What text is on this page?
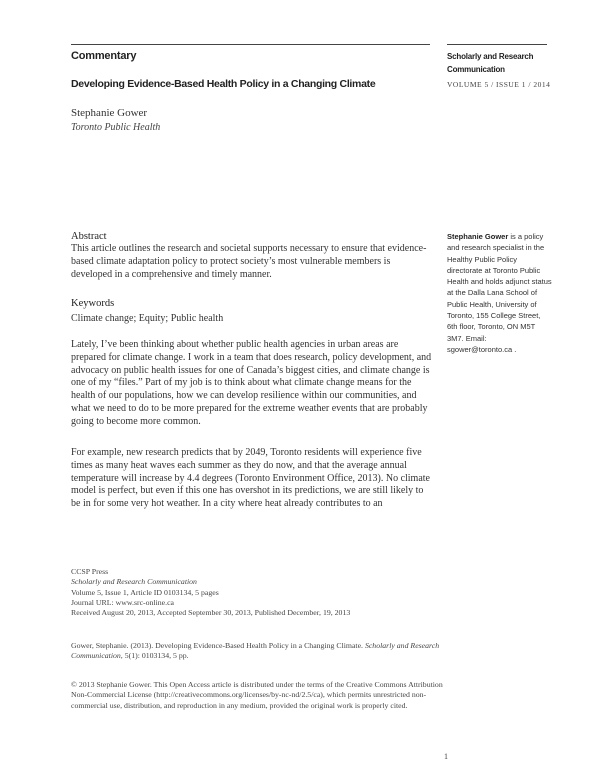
Commentary
Developing Evidence-Based Health Policy in a Changing Climate
Stephanie Gower
Toronto Public Health
Scholarly and Research Communication
VOLUME 5 / ISSUE 1 / 2014
Abstract
This article outlines the research and societal supports necessary to ensure that evidence-based climate adaptation policy to protect society’s most vulnerable members is developed in a comprehensive and timely manner.
Keywords
Climate change; Equity; Public health
Lately, I’ve been thinking about whether public health agencies in urban areas are prepared for climate change. I work in a team that does research, policy development, and advocacy on public health issues for one of Canada’s biggest cities, and climate change is one of my “files.” Part of my job is to think about what climate change means for the health of our populations, how we can develop resilience within our communities, and what we need to do to be more prepared for the extreme weather events that are probably going to become more common.
For example, new research predicts that by 2049, Toronto residents will experience five times as many heat waves each summer as they do now, and that the average annual temperature will increase by 4.4 degrees (Toronto Environment Office, 2013). No climate model is perfect, but even if this one has overshot in its predictions, we are still likely to be in for some very hot weather. In a city where heat already contributes to an
Stephanie Gower is a policy and research specialist in the Healthy Public Policy directorate at Toronto Public Health and holds adjunct status at the Dalla Lana School of Public Health, University of Toronto, 155 College Street, 6th floor, Toronto, ON M5T 3M7. Email: sgower@toronto.ca .
CCSP Press
Scholarly and Research Communication
Volume 5, Issue 1, Article ID 0103134, 5 pages
Journal URL: www.src-online.ca
Received August 20, 2013, Accepted September 30, 2013, Published December, 19, 2013
Gower, Stephanie. (2013). Developing Evidence-Based Health Policy in a Changing Climate. Scholarly and Research Communication, 5(1): 0103134, 5 pp.
© 2013 Stephanie Gower. This Open Access article is distributed under the terms of the Creative Commons Attribution Non-Commercial License (http://creativecommons.org/licenses/by-nc-nd/2.5/ca), which permits unrestricted non-commercial use, distribution, and reproduction in any medium, provided the original work is properly cited.
1
